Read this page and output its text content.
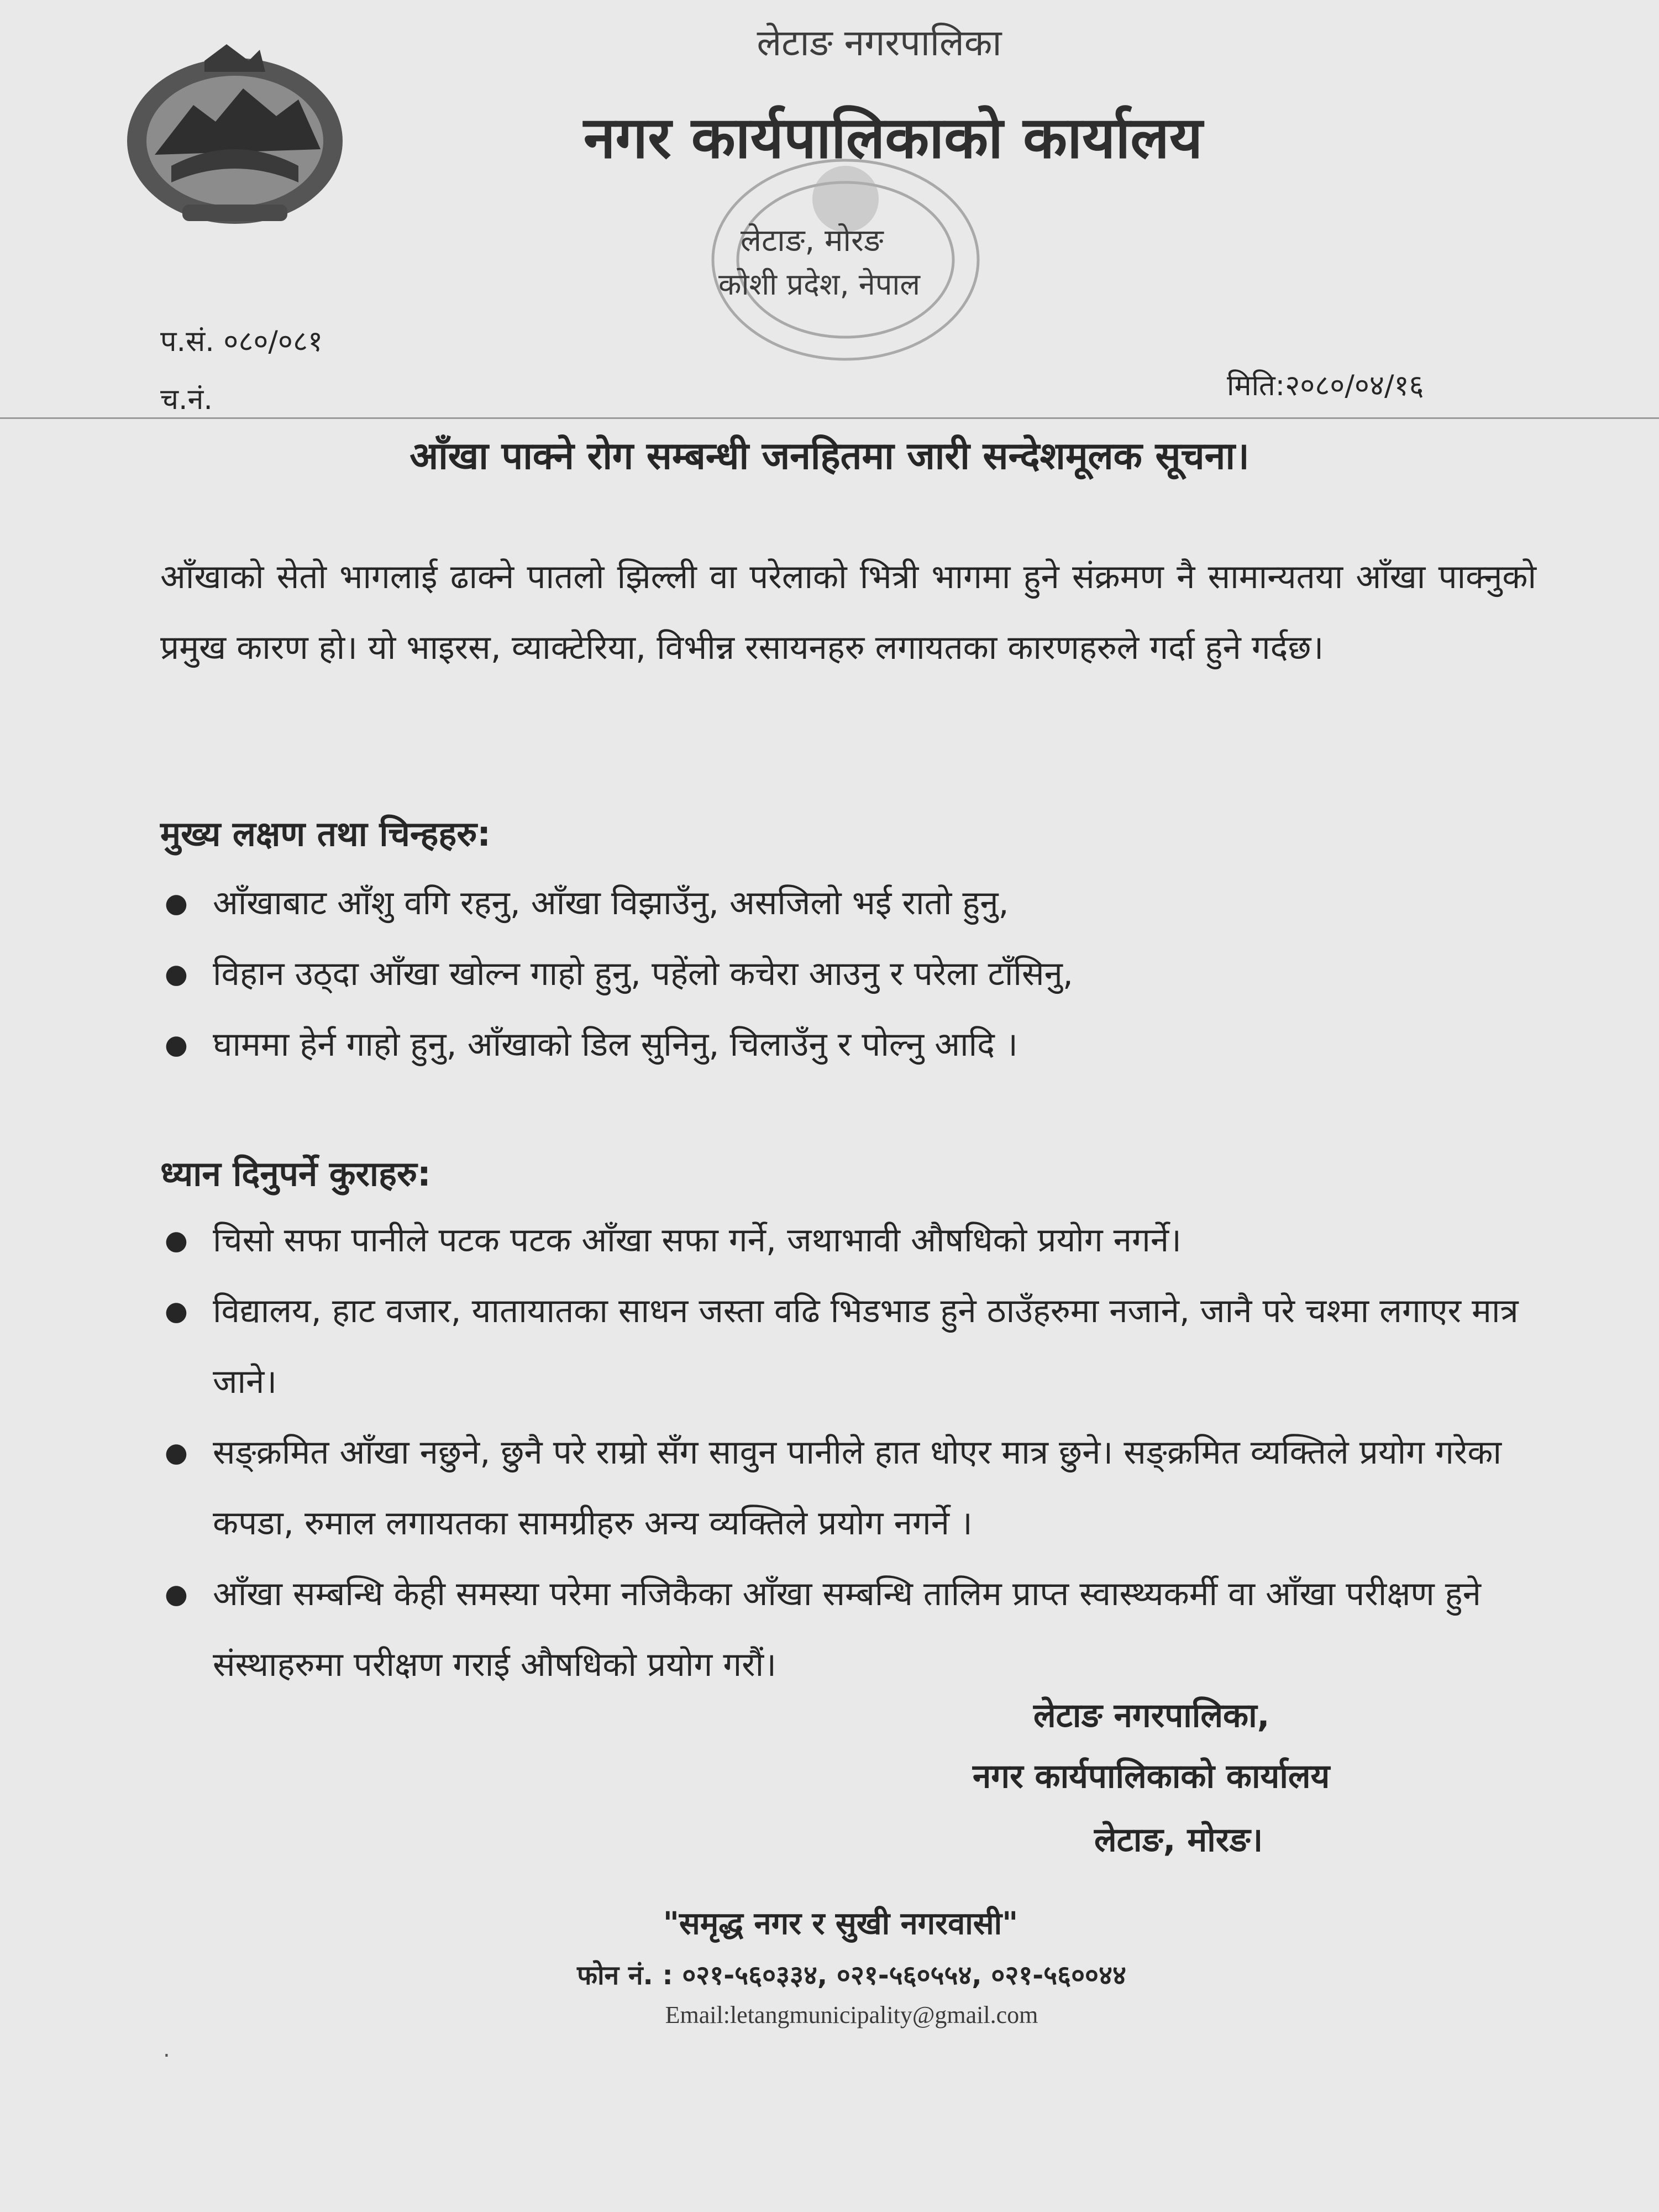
लेटाङ नगरपालिका
नगर कार्यपालिकाको कार्यालय
लेटाङ, मोरङ
कोशी प्रदेश, नेपाल
प.सं. ०८०/०८१
च.नं.	मिति:२०८०/०४/१६
आँखा पाक्ने रोग सम्बन्धी जनहितमा जारी सन्देशमूलक सूचना।
आँखाको सेतो भागलाई ढाक्ने पातलो झिल्ली वा परेलाको भित्री भागमा हुने संक्रमण नै सामान्यतया आँखा पाक्नुको प्रमुख कारण हो। यो भाइरस, व्याक्टेरिया, विभीन्न रसायनहरु लगायतका कारणहरुले गर्दा हुने गर्दछ।
मुख्य लक्षण तथा चिन्हहरु:
● आँखाबाट आँशु वगि रहनु, आँखा विझाउँनु, असजिलो भई रातो हुनु,
● विहान उठ्दा आँखा खोल्न गाहो हुनु, पहेंलो कचेरा आउनु र परेला टाँसिनु,
● घाममा हेर्न गाहो हुनु, आँखाको डिल सुनिनु, चिलाउँनु र पोल्नु आदि ।
ध्यान दिनुपर्ने कुराहरु:
● चिसो सफा पानीले पटक पटक आँखा सफा गर्ने, जथाभावी औषधिको प्रयोग नगर्ने।
● विद्यालय, हाट वजार, यातायातका साधन जस्ता वढि भिडभाड हुने ठाउँहरुमा नजाने, जानै परे चश्मा लगाएर मात्र जाने।
● सङ्क्रमित आँखा नछुने, छुनै परे राम्रो सँग सावुन पानीले हात धोएर मात्र छुने। सङ्क्रमित व्यक्तिले प्रयोग गरेका कपडा, रुमाल लगायतका सामग्रीहरु अन्य व्यक्तिले प्रयोग नगर्ने ।
● आँखा सम्बन्धि केही समस्या परेमा नजिकैका आँखा सम्बन्धि तालिम प्राप्त स्वास्थ्यकर्मी वा आँखा परीक्षण हुने संस्थाहरुमा परीक्षण गराई औषधिको प्रयोग गरौं।
लेटाङ नगरपालिका,
नगर कार्यपालिकाको कार्यालय
लेटाङ, मोरङ।
"समृद्ध नगर र सुखी नगरवासी"
फोन नं. : ०२१-५६०३३४, ०२१-५६०५५४, ०२१-५६००४४
Email:letangmunicipality@gmail.com
.
